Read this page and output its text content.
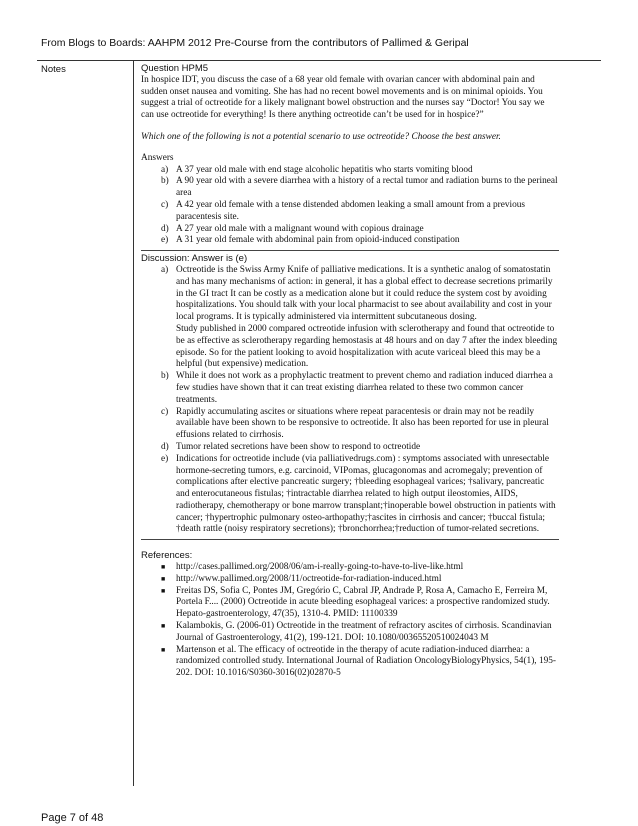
From Blogs to Boards: AAHPM 2012 Pre-Course from the contributors of Pallimed & Geripal
Notes	Question HPM5

In hospice IDT, you discuss the case of a 68 year old female with ovarian cancer with abdominal pain and sudden onset nausea and vomiting. She has had no recent bowel movements and is on minimal opioids. You suggest a trial of octreotide for a likely malignant bowel obstruction and the nurses say “Doctor! You say we can use octreotide for everything! Is there anything octreotide can’t be used for in hospice?”

Which one of the following is not a potential scenario to use octreotide? Choose the best answer.
Answers
a) A 37 year old male with end stage alcoholic hepatitis who starts vomiting blood
b) A 90 year old with a severe diarrhea with a history of a rectal tumor and radiation burns to the perineal area
c) A 42 year old female with a tense distended abdomen leaking a small amount from a previous paracentesis site.
d) A 27 year old male with a malignant wound with copious drainage
e) A 31 year old female with abdominal pain from opioid-induced constipation
Discussion: Answer is (e)
a) Octreotide is the Swiss Army Knife of palliative medications. It is a synthetic analog of somatostatin and has many mechanisms of action: in general, it has a global effect to decrease secretions primarily in the GI tract It can be costly as a medication alone but it could reduce the system cost by avoiding hospitalizations. You should talk with your local pharmacist to see about availability and cost in your local programs. It is typically administered via intermittent subcutaneous dosing.
Study published in 2000 compared octreotide infusion with sclerotherapy and found that octreotide to be as effective as sclerotherapy regarding hemostasis at 48 hours and on day 7 after the index bleeding episode. So for the patient looking to avoid hospitalization with acute variceal bleed this may be a helpful (but expensive) medication.
b) While it does not work as a prophylactic treatment to prevent chemo and radiation induced diarrhea a few studies have shown that it can treat existing diarrhea related to these two common cancer treatments.
c) Rapidly accumulating ascites or situations where repeat paracentesis or drain may not be readily available have been shown to be responsive to octreotide. It also has been reported for use in pleural effusions related to cirrhosis.
d) Tumor related secretions have been show to respond to octreotide
e) Indications for octreotide include (via palliativedrugs.com) : symptoms associated with unresectable hormone-secreting tumors, e.g. carcinoid, VIPomas, glucagonomas and acromegaly; prevention of complications after elective pancreatic surgery; †bleeding esophageal varices; †salivary, pancreatic and enterocutaneous fistulas; †intractable diarrhea related to high output ileostomies, AIDS, radiotherapy, chemotherapy or bone marrow transplant;†inoperable bowel obstruction in patients with cancer; †hypertrophic pulmonary osteo-arthopathy;†ascites in cirrhosis and cancer; †buccal fistula; †death rattle (noisy respiratory secretions); †bronchorrhea;†reduction of tumor-related secretions.
References:
■ http://cases.pallimed.org/2008/06/am-i-really-going-to-have-to-live-like.html
■ http://www.pallimed.org/2008/11/octreotide-for-radiation-induced.html
■ Freitas DS, Sofia C, Pontes JM, Gregório C, Cabral JP, Andrade P, Rosa A, Camacho E, Ferreira M, Portela F.... (2000) Octreotide in acute bleeding esophageal varices: a prospective randomized study. Hepato-gastroenterology, 47(35), 1310-4. PMID: 11100339
■ Kalambokis, G. (2006-01) Octreotide in the treatment of refractory ascites of cirrhosis. Scandinavian Journal of Gastroenterology, 41(2), 199-121. DOI: 10.1080/00365520510024043 M
■ Martenson et al. The efficacy of octreotide in the therapy of acute radiation-induced diarrhea: a randomized controlled study. International Journal of Radiation OncologyBiologyPhysics, 54(1), 195-202. DOI: 10.1016/S0360-3016(02)02870-5
Page 7 of 48
